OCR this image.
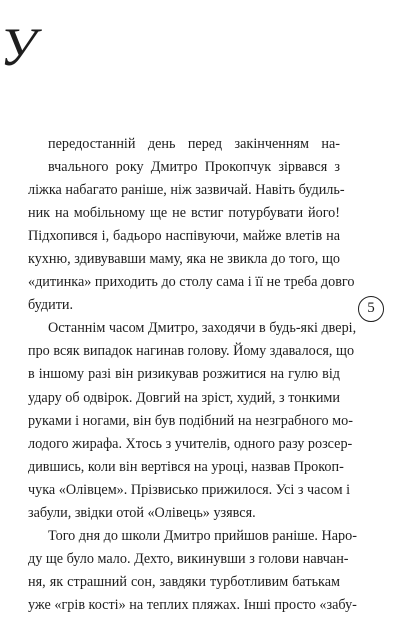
У
передостанній день перед закінченням на-
вчального року Дмитро Прокопчук зірвався з
ліжка набагато раніше, ніж зазвичай. Навіть будиль-
ник на мобільному ще не встиг потурбувати його!
Підхопився і, бадьоро наспівуючи, майже влетів на
кухню, здивувавши маму, яка не звикла до того, що
«дитинка» приходить до столу сама і її не треба довго
будити.
Останнім часом Дмитро, заходячи в будь-які двері,
про всяк випадок нагинав голову. Йому здавалося, що
в іншому разі він ризикував розжитися на гулю від
удару об одвірок. Довгий на зріст, худий, з тонкими
руками і ногами, він був подібний на незграбного мо-
лодого жирафа. Хтось з учителів, одного разу розсер-
дившись, коли він вертівся на уроці, назвав Прокоп-
чука «Олівцем». Прізвисько прижилося. Усі з часом і
забули, звідки отой «Олівець» узявся.
Того дня до школи Дмитро прийшов раніше. Наро-
ду ще було мало. Дехто, викинувши з голови навчан-
ня, як страшний сон, завдяки турботливим батькам
уже «грів кості» на теплих пляжах. Інші просто «забу-
5
